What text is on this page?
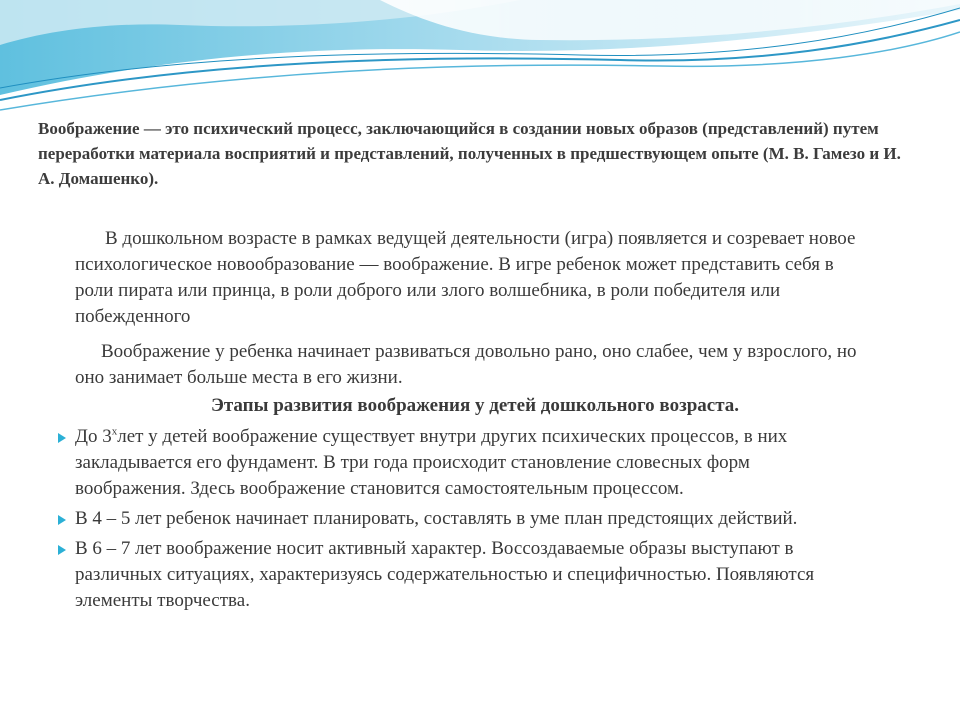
Воображение — это психический процесс, заключающийся в создании новых образов (представлений) путем переработки материала восприятий и представлений, полученных в предшествующем опыте (М. В. Гамезо и И. А. Домашенко).
В дошкольном возрасте в рамках ведущей деятельности (игра) появляется и созревает новое психологическое новообразование — воображение. В игре ребенок может представить себя в роли пирата или принца, в роли доброго или злого волшебника, в роли победителя или побежденного
Воображение у ребенка начинает развиваться довольно рано, оно слабее, чем у взрослого, но оно занимает больше места в его жизни.
Этапы развития воображения у детей дошкольного возраста.
До $3^хлет$ у детей воображение существует внутри других психических процессов, в них закладывается его фундамент. В три года происходит становление словесных форм воображения. Здесь воображение становится самостоятельным процессом.
В 4 – 5 лет ребенок начинает планировать, составлять в уме план предстоящих действий.
В 6 – 7 лет воображение носит активный характер. Воссоздаваемые образы выступают в различных ситуациях, характеризуясь содержательностью и специфичностью. Появляются элементы творчества.
